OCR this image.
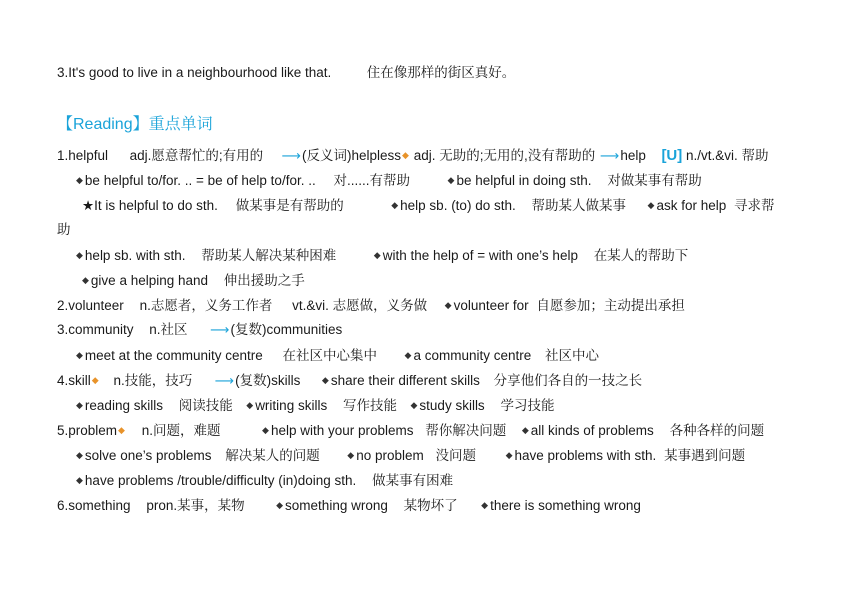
3.It's good to live in a neighbourhood like that.	住在像那样的街区真好。
【Reading】重点单词
1.helpful adj.愿意帮忙的;有用的 ⟶(反义词)helpless◆ adj. 无助的;无用的,没有帮助的 ⟶help [U] n./vt.&vi. 帮助
◆ be helpful to/for. .. = be of help to/for. .. 对......有帮助	◆ be helpful in doing sth. 对做某事有帮助
★It is helpful to do sth. 做某事是有帮助的	◆ help sb. (to) do sth. 帮助某人做某事 ◆ ask for help 寻求帮
助
◆ help sb. with sth. 帮助某人解决某种困难	◆ with the help of = with one’s help 在某人的帮助下
◆ give a helping hand 伸出援助之手
2.volunteer n.志愿者，义务工作者 vt.&vi. 志愿做，义务做 ◆ volunteer for 自愿参加；主动提出承担
3.community n.社区 ⟶(复数)communities
◆ meet at the community centre 在社区中心集中	◆ a community centre 社区中心
4.skill◆ n.技能，技巧 ⟶(复数)skills ◆ share their different skills 分享他们各自的一技之长
◆ reading skills 阅读技能 ◆ writing skills 写作技能 ◆ study skills 学习技能
5.problem◆ n.问题，难题	◆ help with your problems 帮你解决问题 ◆ all kinds of problems 各种各样的问题
◆ solve one’s problems 解决某人的问题	◆ no problem 没问题	◆ have problems with sth. 某事遇到问题
◆ have problems /trouble/difficulty (in)doing sth. 做某事有困难
6.something pron.某事，某物	◆ something wrong 某物坏了	◆ there is something wrong
